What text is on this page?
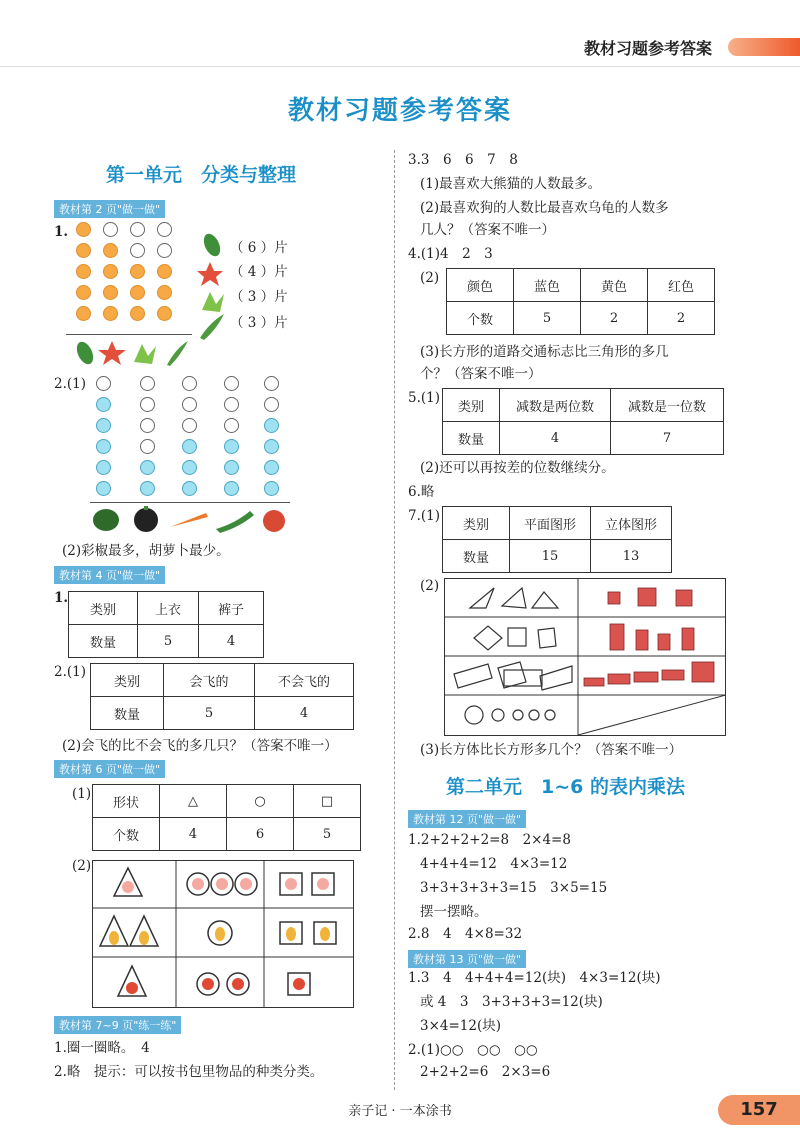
教材习题参考答案
教材习题参考答案
第一单元　分类与整理
教材第 2 页"做一做"
1.
（ 6 ）片
（ 4 ）片
（ 3 ）片
（ 3 ）片
2.(1)
(2)彩椒最多，胡萝卜最少。
教材第 4 页"做一做"
1.
类别	上衣	裤子
数量	5	4
2.(1)
类别	会飞的	不会飞的
数量	5	4
(2)会飞的比不会飞的多几只？（答案不唯一）
教材第 6 页"做一做"
(1)
形状	△	○	□
个数	4	6	5
(2)
教材第 7~9 页"练一练"
1.圈一圈略。　4
2.略　提示：可以按书包里物品的种类分类。
3.3　6　6　7　8
(1)最喜欢大熊猫的人数最多。
(2)最喜欢狗的人数比最喜欢乌龟的人数多
几人？（答案不唯一）
4.(1)4　2　3
(2)
颜色	蓝色	黄色	红色
个数	5	2	2
(3)长方形的道路交通标志比三角形的多几
个？（答案不唯一）
5.(1)
类别	减数是两位数	减数是一位数
数量	4	7
(2)还可以再按差的位数继续分。
6.略
7.(1)
类别	平面图形	立体图形
数量	15	13
(2)
(3)长方体比长方形多几个？（答案不唯一）
第二单元　1~6 的表内乘法
教材第 12 页"做一做"
1.2+2+2+2=8　2×4=8
4+4+4=12　4×3=12
3+3+3+3+3=15　3×5=15
摆一摆略。
2.8　4　4×8=32
教材第 13 页"做一做"
1.3　4　4+4+4=12(块)　4×3=12(块)
或 4　3　3+3+3+3=12(块)
3×4=12(块)
2.(1)○○　○○　○○
2+2+2=6　2×3=6
亲子记 · 一本涂书	157
